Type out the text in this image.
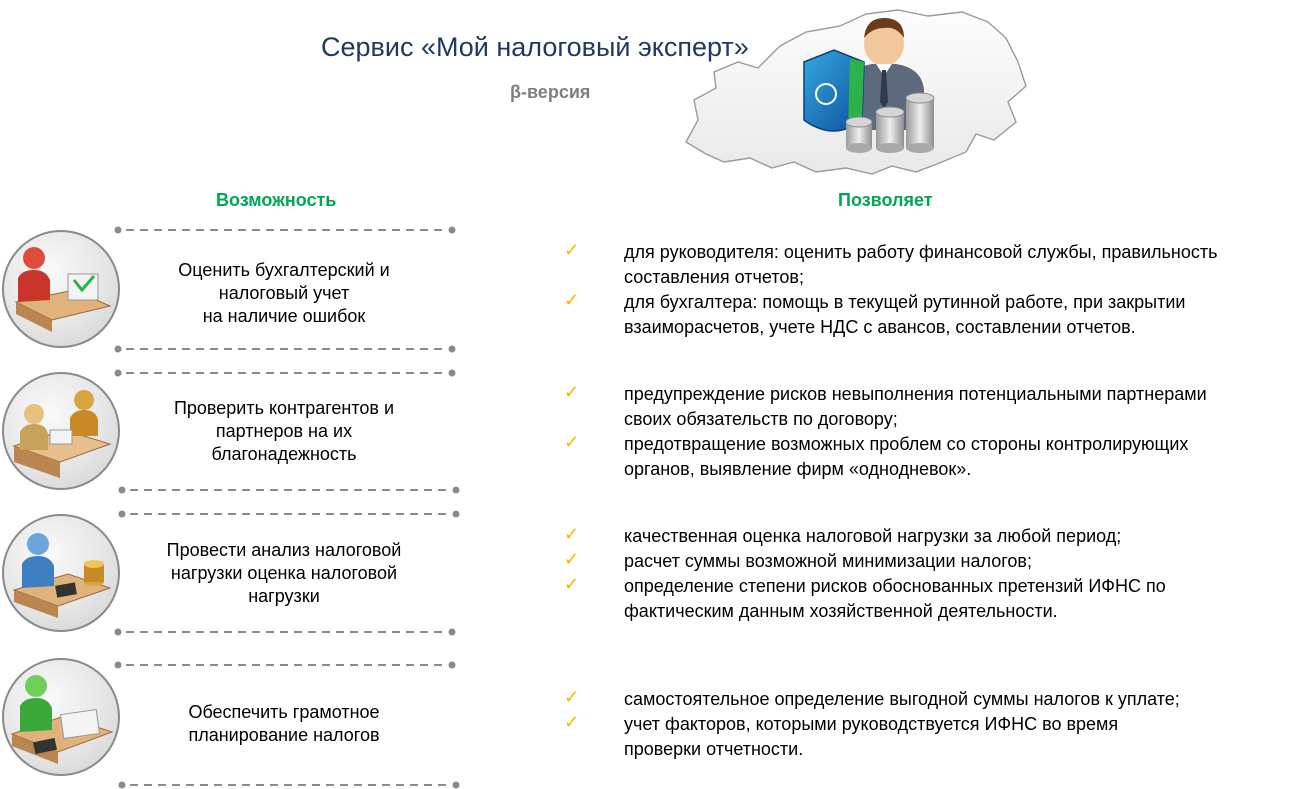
Сервис «Мой налоговый эксперт»
β-версия
Возможность	Позволяет
Оценить бухгалтерский и
налоговый учет
на наличие ошибок
✓ для руководителя: оценить работу финансовой службы, правильность
составления отчетов;
✓ для бухгалтера: помощь в текущей рутинной работе, при закрытии
взаиморасчетов, учете НДС с авансов, составлении отчетов.
Проверить контрагентов и
партнеров на их
благонадежность
✓ предупреждение рисков невыполнения потенциальными партнерами
своих обязательств по договору;
✓ предотвращение возможных проблем со стороны контролирующих
органов, выявление фирм «однодневок».
Провести анализ налоговой
нагрузки оценка налоговой
нагрузки
✓ качественная оценка налоговой нагрузки за любой период;
✓ расчет суммы возможной минимизации налогов;
✓ определение степени рисков обоснованных претензий ИФНС по
фактическим данным хозяйственной деятельности.
Обеспечить грамотное
планирование налогов
✓ самостоятельное определение выгодной суммы налогов к уплате;
✓ учет факторов, которыми руководствуется ИФНС во время
проверки отчетности.
